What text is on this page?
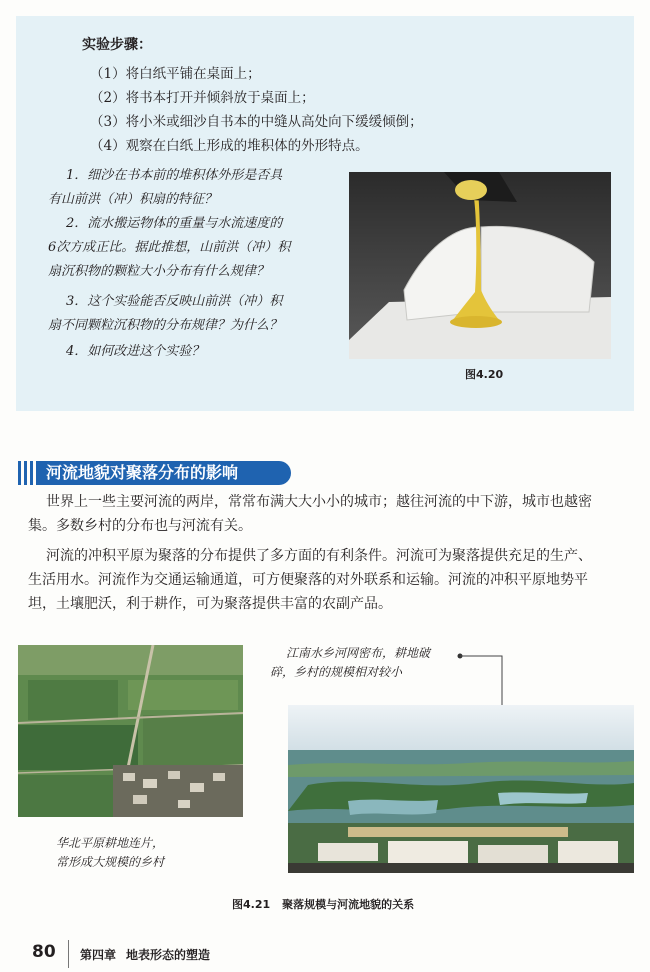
实验步骤：
（1）将白纸平铺在桌面上；
（2）将书本打开并倾斜放于桌面上；
（3）将小米或细沙自书本的中缝从高处向下缓缓倾倒；
（4）观察在白纸上形成的堆积体的外形特点。
1．细沙在书本前的堆积体外形是否具
有山前洪（冲）积扇的特征？
2．流水搬运物体的重量与水流速度的
6次方成正比。据此推想，山前洪（冲）积
扇沉积物的颗粒大小分布有什么规律？
3．这个实验能否反映山前洪（冲）积
扇不同颗粒沉积物的分布规律？为什么？
4．如何改进这个实验？
图4.20
河流地貌对聚落分布的影响
世界上一些主要河流的两岸，常常布满大大小小的城市；越往河流的中下游，城市也越密
集。多数乡村的分布也与河流有关。
河流的冲积平原为聚落的分布提供了多方面的有利条件。河流可为聚落提供充足的生产、
生活用水。河流作为交通运输通道，可方便聚落的对外联系和运输。河流的冲积平原地势平
坦，土壤肥沃，利于耕作，可为聚落提供丰富的农副产品。
华北平原耕地连片，
常形成大规模的乡村
江南水乡河网密布，耕地破
碎，乡村的规模相对较小
图4.21 聚落规模与河流地貌的关系
80 第四章 地表形态的塑造
